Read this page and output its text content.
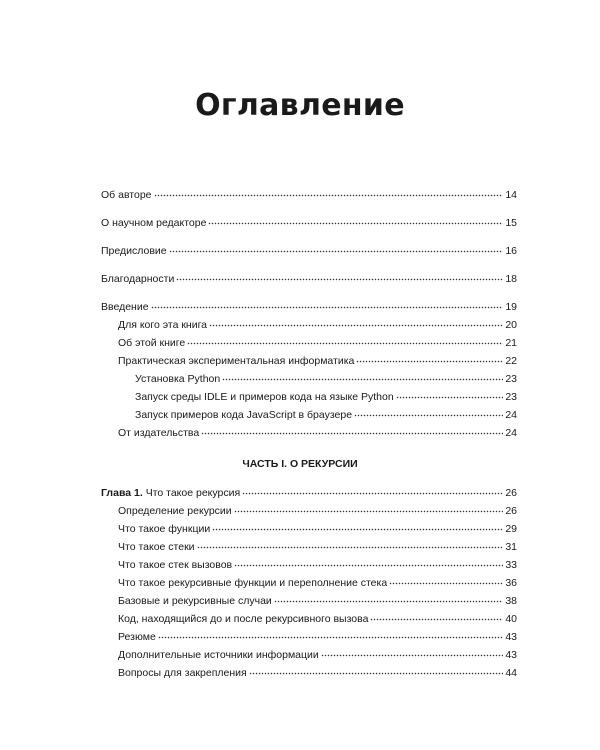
Оглавление
Об авторе	14
О научном редакторе	15
Предисловие	16
Благодарности	18
Введение	19
Для кого эта книга	20
Об этой книге	21
Практическая экспериментальная информатика	22
Установка Python	23
Запуск среды IDLE и примеров кода на языке Python	23
Запуск примеров кода JavaScript в браузере	24
От издательства	24
ЧАСТЬ I. О РЕКУРСИИ
Глава 1. Что такое рекурсия	26
Определение рекурсии	26
Что такое функции	29
Что такое стеки	31
Что такое стек вызовов	33
Что такое рекурсивные функции и переполнение стека	36
Базовые и рекурсивные случаи	38
Код, находящийся до и после рекурсивного вызова	40
Резюме	43
Дополнительные источники информации	43
Вопросы для закрепления	44
